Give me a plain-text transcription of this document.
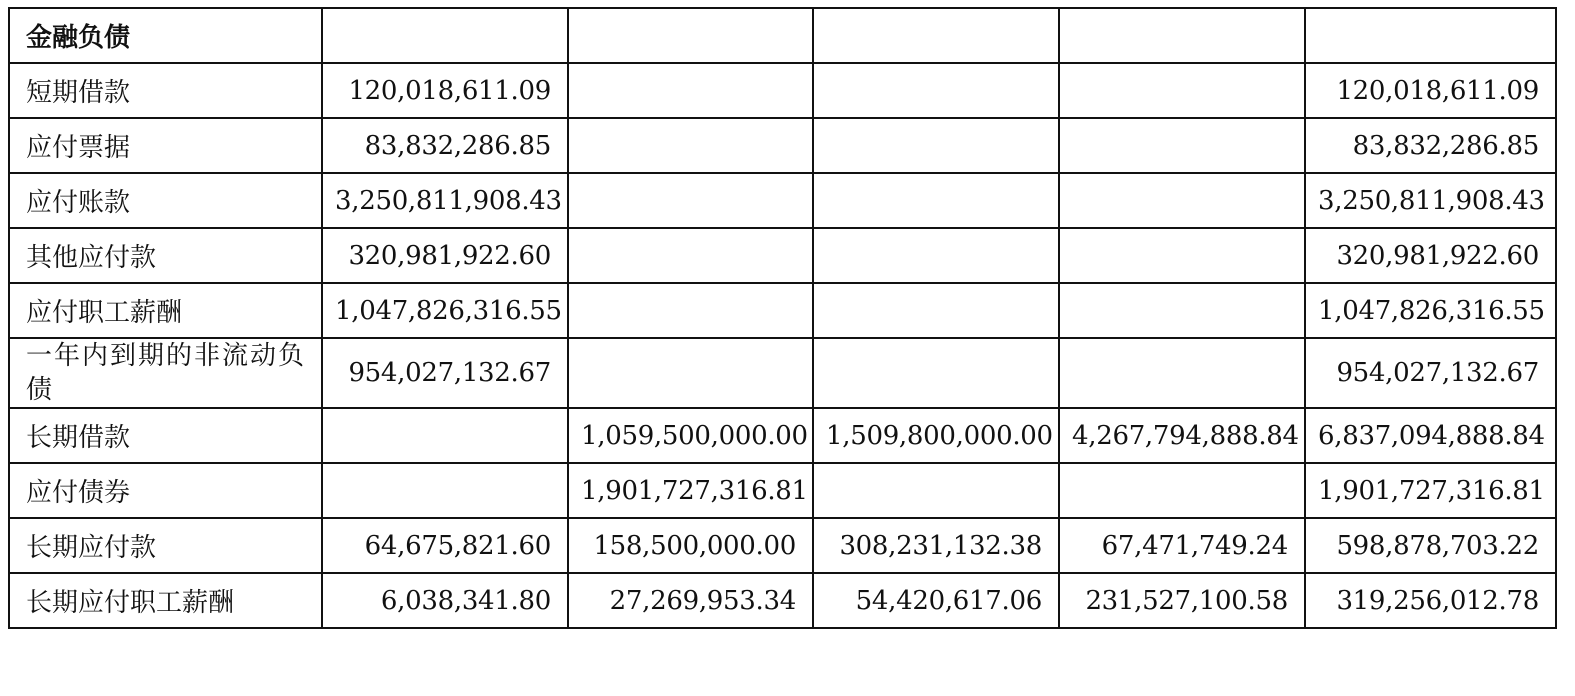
金融负债					
短期借款	120,018,611.09				120,018,611.09
应付票据	83,832,286.85				83,832,286.85
应付账款	3,250,811,908.43				3,250,811,908.43
其他应付款	320,981,922.60				320,981,922.60
应付职工薪酬	1,047,826,316.55				1,047,826,316.55
一年内到期的非流动负债	954,027,132.67				954,027,132.67
长期借款		1,059,500,000.00	1,509,800,000.00	4,267,794,888.84	6,837,094,888.84
应付债券		1,901,727,316.81			1,901,727,316.81
长期应付款	64,675,821.60	158,500,000.00	308,231,132.38	67,471,749.24	598,878,703.22
长期应付职工薪酬	6,038,341.80	27,269,953.34	54,420,617.06	231,527,100.58	319,256,012.78
